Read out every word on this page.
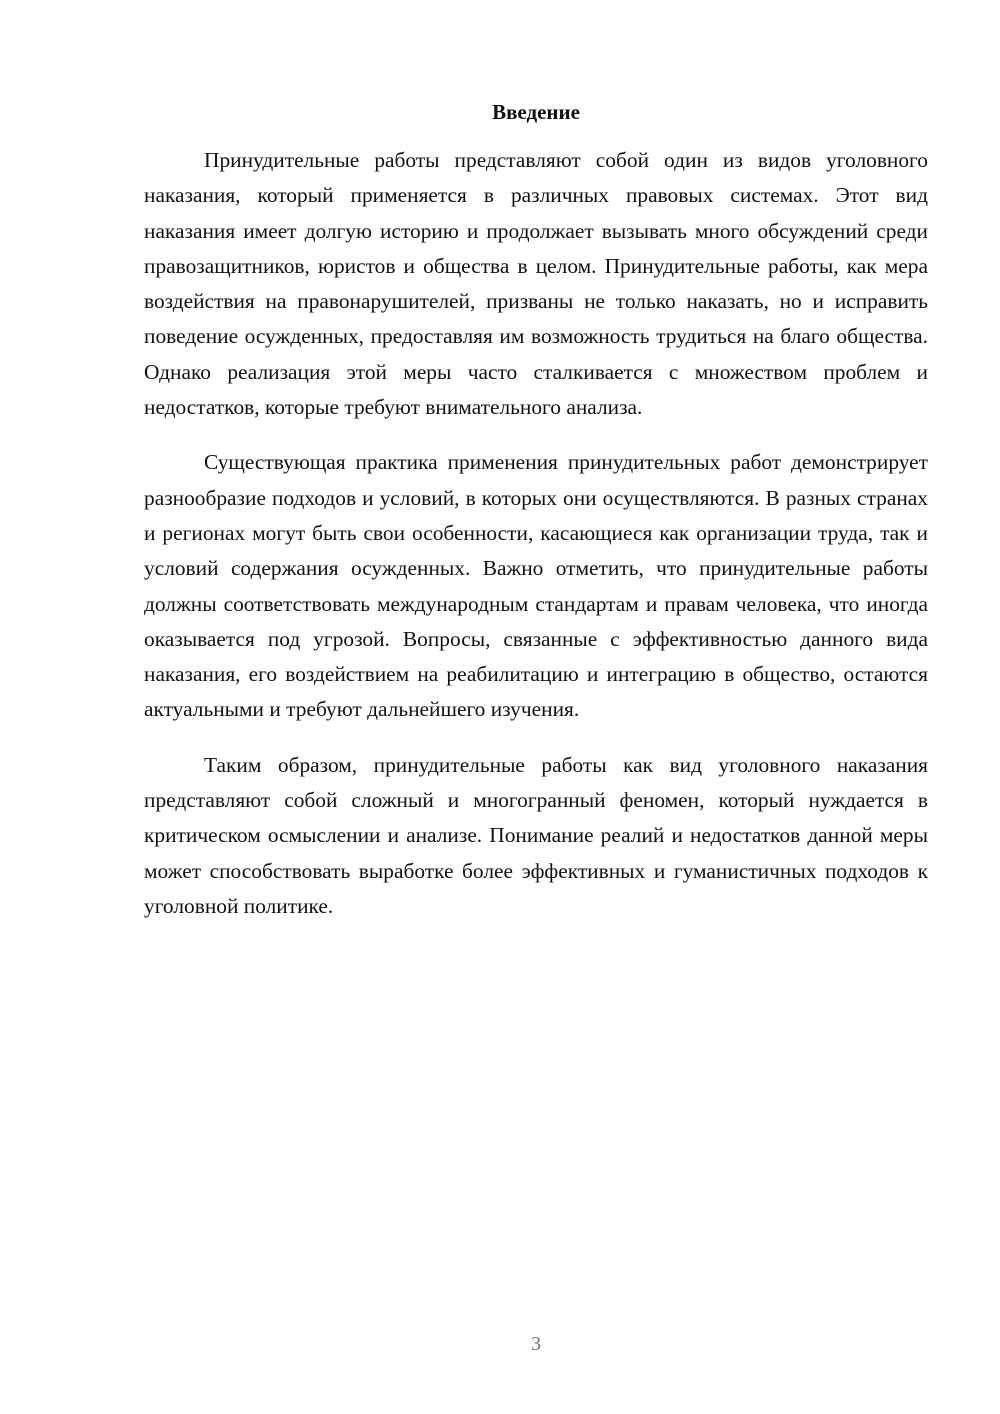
Введение

Принудительные работы представляют собой один из видов уголовного наказания, который применяется в различных правовых системах. Этот вид наказания имеет долгую историю и продолжает вызывать много обсуждений среди правозащитников, юристов и общества в целом. Принудительные работы, как мера воздействия на правонарушителей, призваны не только наказать, но и исправить поведение осужденных, предоставляя им возможность трудиться на благо общества. Однако реализация этой меры часто сталкивается с множеством проблем и недостатков, которые требуют внимательного анализа.

Существующая практика применения принудительных работ демонстрирует разнообразие подходов и условий, в которых они осуществляются. В разных странах и регионах могут быть свои особенности, касающиеся как организации труда, так и условий содержания осужденных. Важно отметить, что принудительные работы должны соответствовать международным стандартам и правам человека, что иногда оказывается под угрозой. Вопросы, связанные с эффективностью данного вида наказания, его воздействием на реабилитацию и интеграцию в общество, остаются актуальными и требуют дальнейшего изучения.

Таким образом, принудительные работы как вид уголовного наказания представляют собой сложный и многогранный феномен, который нуждается в критическом осмыслении и анализе. Понимание реалий и недостатков данной меры может способствовать выработке более эффективных и гуманистичных подходов к уголовной политике.

3
